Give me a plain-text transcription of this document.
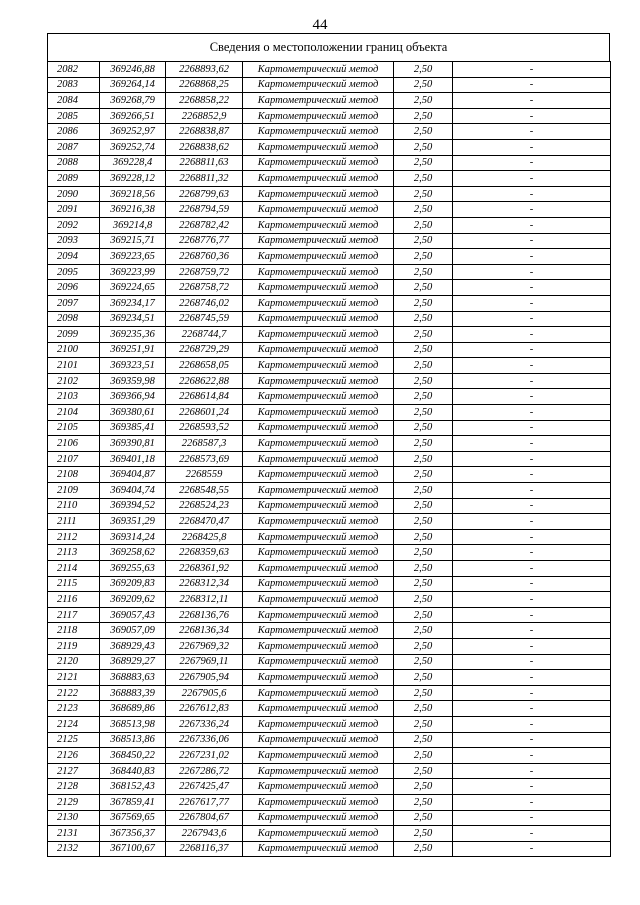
44
Сведения о местоположении границ объекта
2082	369246,88	2268893,62	Картометрический метод	2,50	-
2083	369264,14	2268868,25	Картометрический метод	2,50	-
2084	369268,79	2268858,22	Картометрический метод	2,50	-
2085	369266,51	2268852,9	Картометрический метод	2,50	-
2086	369252,97	2268838,87	Картометрический метод	2,50	-
2087	369252,74	2268838,62	Картометрический метод	2,50	-
2088	369228,4	2268811,63	Картометрический метод	2,50	-
2089	369228,12	2268811,32	Картометрический метод	2,50	-
2090	369218,56	2268799,63	Картометрический метод	2,50	-
2091	369216,38	2268794,59	Картометрический метод	2,50	-
2092	369214,8	2268782,42	Картометрический метод	2,50	-
2093	369215,71	2268776,77	Картометрический метод	2,50	-
2094	369223,65	2268760,36	Картометрический метод	2,50	-
2095	369223,99	2268759,72	Картометрический метод	2,50	-
2096	369224,65	2268758,72	Картометрический метод	2,50	-
2097	369234,17	2268746,02	Картометрический метод	2,50	-
2098	369234,51	2268745,59	Картометрический метод	2,50	-
2099	369235,36	2268744,7	Картометрический метод	2,50	-
2100	369251,91	2268729,29	Картометрический метод	2,50	-
2101	369323,51	2268658,05	Картометрический метод	2,50	-
2102	369359,98	2268622,88	Картометрический метод	2,50	-
2103	369366,94	2268614,84	Картометрический метод	2,50	-
2104	369380,61	2268601,24	Картометрический метод	2,50	-
2105	369385,41	2268593,52	Картометрический метод	2,50	-
2106	369390,81	2268587,3	Картометрический метод	2,50	-
2107	369401,18	2268573,69	Картометрический метод	2,50	-
2108	369404,87	2268559	Картометрический метод	2,50	-
2109	369404,74	2268548,55	Картометрический метод	2,50	-
2110	369394,52	2268524,23	Картометрический метод	2,50	-
2111	369351,29	2268470,47	Картометрический метод	2,50	-
2112	369314,24	2268425,8	Картометрический метод	2,50	-
2113	369258,62	2268359,63	Картометрический метод	2,50	-
2114	369255,63	2268361,92	Картометрический метод	2,50	-
2115	369209,83	2268312,34	Картометрический метод	2,50	-
2116	369209,62	2268312,11	Картометрический метод	2,50	-
2117	369057,43	2268136,76	Картометрический метод	2,50	-
2118	369057,09	2268136,34	Картометрический метод	2,50	-
2119	368929,43	2267969,32	Картометрический метод	2,50	-
2120	368929,27	2267969,11	Картометрический метод	2,50	-
2121	368883,63	2267905,94	Картометрический метод	2,50	-
2122	368883,39	2267905,6	Картометрический метод	2,50	-
2123	368689,86	2267612,83	Картометрический метод	2,50	-
2124	368513,98	2267336,24	Картометрический метод	2,50	-
2125	368513,86	2267336,06	Картометрический метод	2,50	-
2126	368450,22	2267231,02	Картометрический метод	2,50	-
2127	368440,83	2267286,72	Картометрический метод	2,50	-
2128	368152,43	2267425,47	Картометрический метод	2,50	-
2129	367859,41	2267617,77	Картометрический метод	2,50	-
2130	367569,65	2267804,67	Картометрический метод	2,50	-
2131	367356,37	2267943,6	Картометрический метод	2,50	-
2132	367100,67	2268116,37	Картометрический метод	2,50	-
